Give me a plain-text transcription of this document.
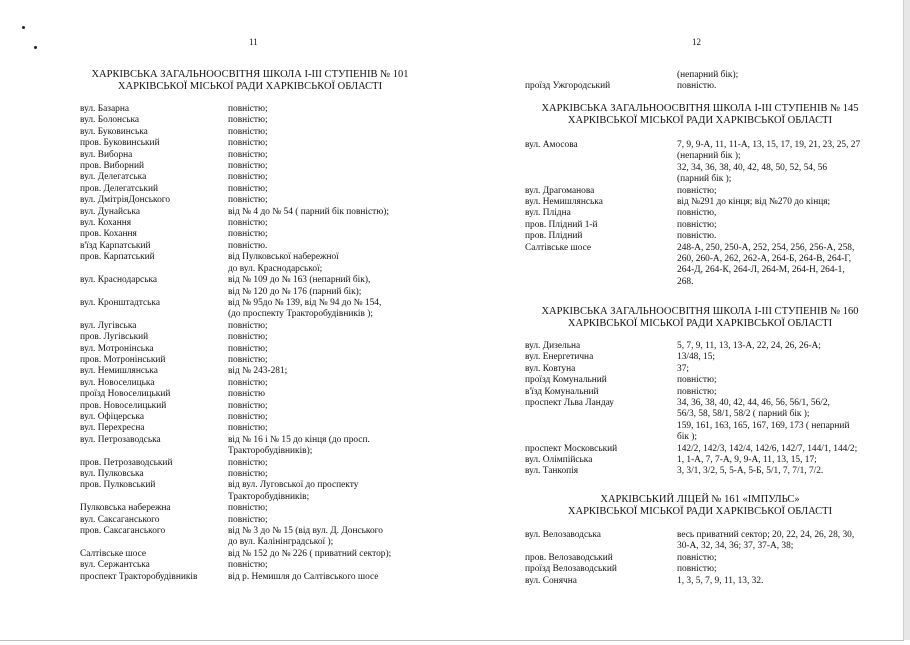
11
ХАРКІВСЬКА ЗАГАЛЬНООСВІТНЯ ШКОЛА І-ІІІ СТУПЕНІВ № 101
ХАРКІВСЬКОЇ МІСЬКОЇ РАДИ ХАРКІВСЬКОЇ ОБЛАСТІ
вул. Базарна	повністю;
вул. Болонська	повністю;
вул. Буковинська	повністю;
пров. Буковинський	повністю;
вул. Виборна	повністю;
пров. Виборний	повністю;
вул. Делегатська	повністю;
пров. Делегатський	повністю;
вул. ДмітріяДонського	повністю;
вул. Дунайська	від № 4 до № 54 ( парний бік повністю);
вул. Кохання	повністю;
пров. Кохання	повністю;
в'їзд Карпатський	повністю.
пров. Карпатський	від Пулковської набережної
до вул. Краснодарської;
вул. Краснодарська	від № 109 до № 163 (непарний бік),
від № 120 до № 176 (парний бік);
вул. Кронштадтська	від № 95до № 139, від № 94 до № 154,
(до проспекту Тракторобудівників );
вул. Лугівська	повністю;
пров. Лугівський	повністю;
вул. Мотронінська	повністю;
пров. Мотронінський	повністю;
вул. Немишлянська	від № 243-281;
вул. Новоселицька	повністю;
проїзд Новоселицький	повністю
пров. Новоселицький	повністю;
вул. Офіцерська	повністю;
вул. Перехресна	повністю;
вул. Петрозаводська	від № 16 і № 15 до кінця (до просп.
Тракторобудівників);
пров. Петрозаводський	повністю;
вул. Пулковська	повністю;
пров. Пулковський	від вул. Луговської до проспекту
Тракторобудівників;
Пулковська набережна	повністю;
вул. Саксаганського	повністю;
пров. Саксаганського	від № 3 до № 15 (від вул. Д. Донського
до вул. Калінінградської );
Салтівське шосе	від № 152 до № 226 ( приватний сектор);
вул. Сержантська	повністю;
проспект Тракторобудівників	від р. Немишля до Салтівського шосе
12
(непарний бік);
проїзд Ужгородський	повністю.
ХАРКІВСЬКА ЗАГАЛЬНООСВІТНЯ ШКОЛА І-ІІІ СТУПЕНІВ № 145
ХАРКІВСЬКОЇ МІСЬКОЇ РАДИ ХАРКІВСЬКОЇ ОБЛАСТІ
вул. Амосова	7, 9, 9-А, 11, 11-А, 13, 15, 17, 19, 21, 23, 25, 27
(непарний бік );
32, 34, 36, 38, 40, 42, 48, 50, 52, 54, 56
(парний бік );
вул. Драгоманова	повністю;
вул. Немишлянська	від №291 до кінця; від №270 до кінця;
вул. Плідна	повністю,
пров. Плідний 1-й	повністю;
пров. Плідний	повністю.
Салтівське шосе	248-А, 250, 250-А, 252, 254, 256, 256-А, 258,
260, 260-А, 262, 262-А, 264-Б, 264-В, 264-Г,
264-Д, 264-К, 264-Л, 264-М, 264-Н, 264-1,
268.
ХАРКІВСЬКА ЗАГАЛЬНООСВІТНЯ ШКОЛА І-ІІІ СТУПЕНІВ № 160
ХАРКІВСЬКОЇ МІСЬКОЇ РАДИ ХАРКІВСЬКОЇ ОБЛАСТІ
вул. Дизельна	5, 7, 9, 11, 13, 13-А, 22, 24, 26, 26-А;
вул. Енергетична	13/48, 15;
вул. Ковтуна	37;
проїзд Комунальний	повністю;
в'їзд Комунальний	повністю;
проспект Льва Ландау	34, 36, 38, 40, 42, 44, 46, 56, 56/1, 56/2,
56/3, 58, 58/1, 58/2 ( парний бік );
159, 161, 163, 165, 167, 169, 173 ( непарний
бік );
проспект Московський	142/2, 142/3, 142/4, 142/6, 142/7, 144/1, 144/2;
вул. Олімпійська	1, 1-А, 7, 7-А, 9, 9-А, 11, 13, 15, 17;
вул. Танкопія	3, 3/1, 3/2, 5, 5-А, 5-Б, 5/1, 7, 7/1, 7/2.
ХАРКІВСЬКИЙ ЛІЦЕЙ № 161 «ІМПУЛЬС»
ХАРКІВСЬКОЇ МІСЬКОЇ РАДИ ХАРКІВСЬКОЇ ОБЛАСТІ
вул. Велозаводська	весь приватний сектор; 20, 22, 24, 26, 28, 30,
30-А, 32, 34, 36; 37, 37-А, 38;
пров. Велозаводський	повністю;
проїзд Велозаводський	повністю;
вул. Сонячна	1, 3, 5, 7, 9, 11, 13, 32.
